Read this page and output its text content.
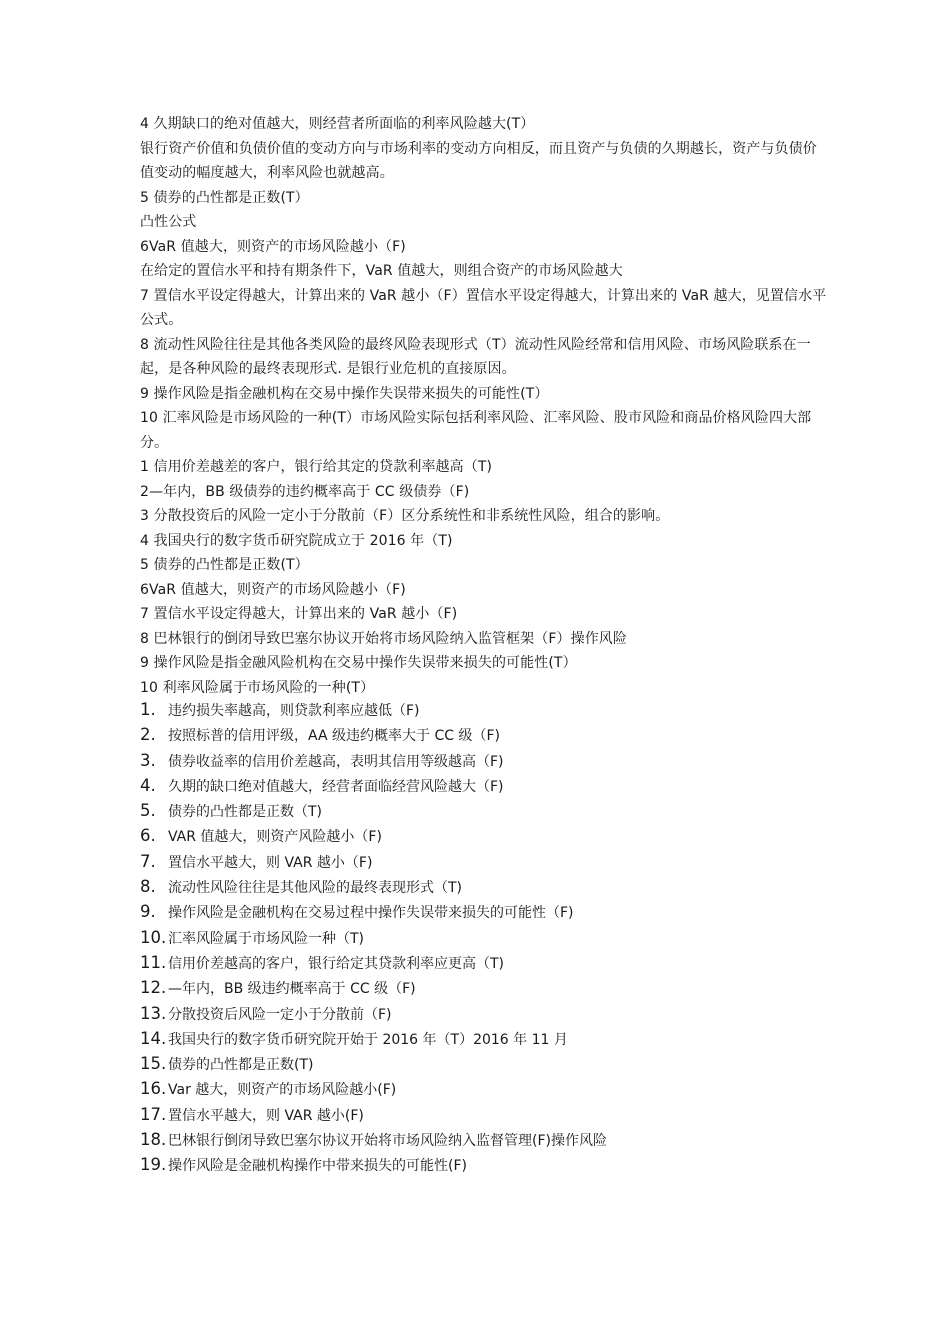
4 久期缺口的绝对值越大，则经营者所面临的利率风险越大(T）

银行资产价值和负债价值的变动方向与市场利率的变动方向相反，而且资产与负债的久期越长，资产与负债价值变动的幅度越大，利率风险也就越高。

5 债券的凸性都是正数(T）

凸性公式

6VaR 值越大，则资产的市场风险越小（F)

在给定的置信水平和持有期条件下，VaR 值越大，则组合资产的市场风险越大

7 置信水平设定得越大，计算出来的 VaR 越小（F）置信水平设定得越大，计算出来的 VaR 越大，见置信水平公式。

8 流动性风险往往是其他各类风险的最终风险表现形式（T）流动性风险经常和信用风险、市场风险联系在一起，是各种风险的最终表现形式. 是银行业危机的直接原因。

9 操作风险是指金融机构在交易中操作失误带来损失的可能性(T）

10 汇率风险是市场风险的一种(T）市场风险实际包括利率风险、汇率风险、股市风险和商品价格风险四大部分。

1 信用价差越差的客户，银行给其定的贷款利率越高（T)

2—年内，BB 级债券的违约概率高于 CC 级债券（F)

3 分散投资后的风险一定小于分散前（F）区分系统性和非系统性风险，组合的影响。

4 我国央行的数字货币研究院成立于 2016 年（T)

5 债券的凸性都是正数(T）

6VaR 值越大，则资产的市场风险越小（F)

7 置信水平设定得越大，计算出来的 VaR 越小（F)

8 巴林银行的倒闭导致巴塞尔协议开始将市场风险纳入监管框架（F）操作风险

9 操作风险是指金融风险机构在交易中操作失误带来损失的可能性(T）

10 利率风险属于市场风险的一种(T）

1. 违约损失率越高，则贷款利率应越低（F)
2. 按照标普的信用评级，AA 级违约概率大于 CC 级（F)
3. 债券收益率的信用价差越高，表明其信用等级越高（F)
4. 久期的缺口绝对值越大，经营者面临经营风险越大（F)
5. 债券的凸性都是正数（T)
6. VAR 值越大，则资产风险越小（F)
7. 置信水平越大，则 VAR 越小（F)
8. 流动性风险往往是其他风险的最终表现形式（T)
9. 操作风险是金融机构在交易过程中操作失误带来损失的可能性（F)
10. 汇率风险属于市场风险一种（T)
11. 信用价差越高的客户，银行给定其贷款利率应更高（T)
12. —年内，BB 级违约概率高于 CC 级（F)
13. 分散投资后风险一定小于分散前（F)
14. 我国央行的数字货币研究院开始于 2016 年（T）2016 年 11 月
15. 债券的凸性都是正数(T)
16. Var 越大，则资产的市场风险越小(F)
17. 置信水平越大，则 VAR 越小(F)
18. 巴林银行倒闭导致巴塞尔协议开始将市场风险纳入监督管理(F)操作风险
19. 操作风险是金融机构操作中带来损失的可能性(F)
